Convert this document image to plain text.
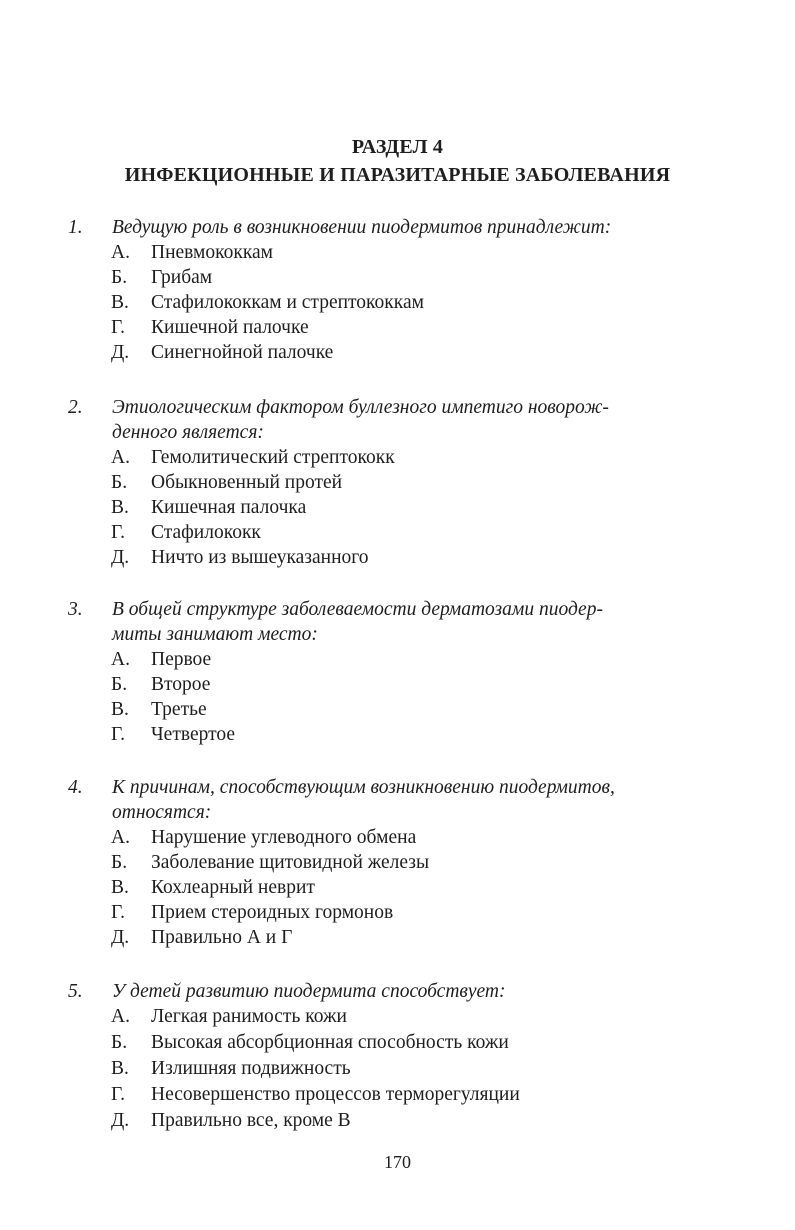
РАЗДЕЛ 4
ИНФЕКЦИОННЫЕ И ПАРАЗИТАРНЫЕ ЗАБОЛЕВАНИЯ
1. Ведущую роль в возникновении пиодермитов принадлежит:
А. Пневмококкам
Б. Грибам
В. Стафилококкам и стрептококкам
Г. Кишечной палочке
Д. Синегнойной палочке
2. Этиологическим фактором буллезного импетиго новорож-
денного является:
А. Гемолитический стрептококк
Б. Обыкновенный протей
В. Кишечная палочка
Г. Стафилококк
Д. Ничто из вышеуказанного
3. В общей структуре заболеваемости дерматозами пиодер-
миты занимают место:
А. Первое
Б. Второе
В. Третье
Г. Четвертое
4. К причинам, способствующим возникновению пиодермитов,
относятся:
А. Нарушение углеводного обмена
Б. Заболевание щитовидной железы
В. Кохлеарный неврит
Г. Прием стероидных гормонов
Д. Правильно А и Г
5. У детей развитию пиодермита способствует:
А. Легкая ранимость кожи
Б. Высокая абсорбционная способность кожи
В. Излишняя подвижность
Г. Несовершенство процессов терморегуляции
Д. Правильно все, кроме В
170
